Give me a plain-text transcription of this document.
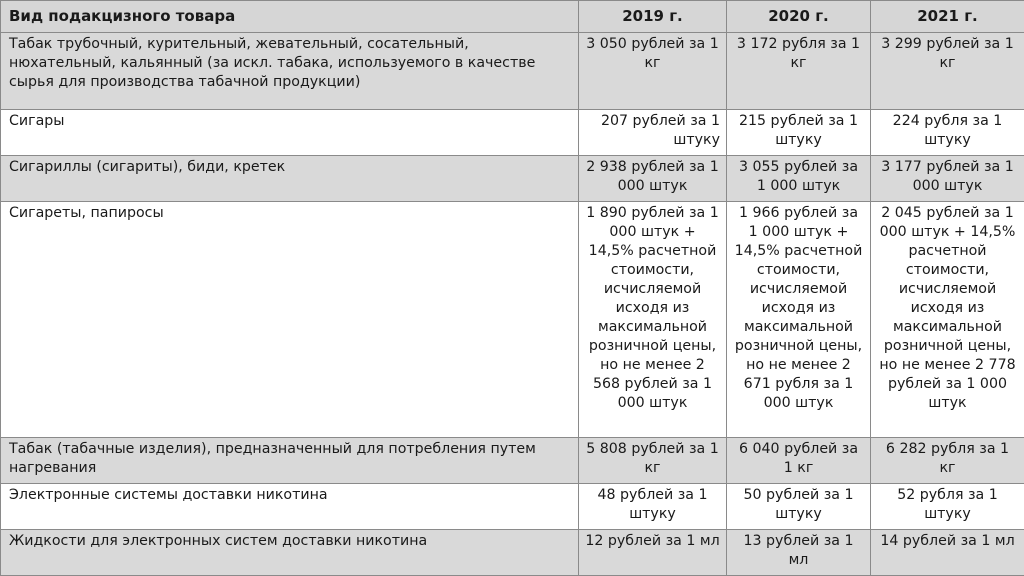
Вид подакцизного товара	2019 г.	2020 г.	2021 г.
Табак трубочный, курительный, жевательный, сосательный, нюхательный, кальянный (за искл. табака, используемого в качестве сырья для производства табачной продукции)	3 050 рублей за 1 кг	3 172 рубля за 1 кг	3 299 рублей за 1 кг
Сигары	207 рублей за 1 штуку	215 рублей за 1 штуку	224 рубля за 1 штуку
Сигариллы (сигариты), биди, кретек	2 938 рублей за 1 000 штук	3 055 рублей за 1 000 штук	3 177 рублей за 1 000 штук
Сигареты, папиросы	1 890 рублей за 1 000 штук + 14,5% расчетной стоимости, исчисляемой исходя из максимальной розничной цены, но не менее 2 568 рублей за 1 000 штук	1 966 рублей за 1 000 штук + 14,5% расчетной стоимости, исчисляемой исходя из максимальной розничной цены, но не менее 2 671 рубля за 1 000 штук	2 045 рублей за 1 000 штук + 14,5% расчетной стоимости, исчисляемой исходя из максимальной розничной цены, но не менее 2 778 рублей за 1 000 штук
Табак (табачные изделия), предназначенный для потребления путем нагревания	5 808 рублей за 1 кг	6 040 рублей за 1 кг	6 282 рубля за 1 кг
Электронные системы доставки никотина	48 рублей за 1 штуку	50 рублей за 1 штуку	52 рубля за 1 штуку
Жидкости для электронных систем доставки никотина	12 рублей за 1 мл	13 рублей за 1 мл	14 рублей за 1 мл
